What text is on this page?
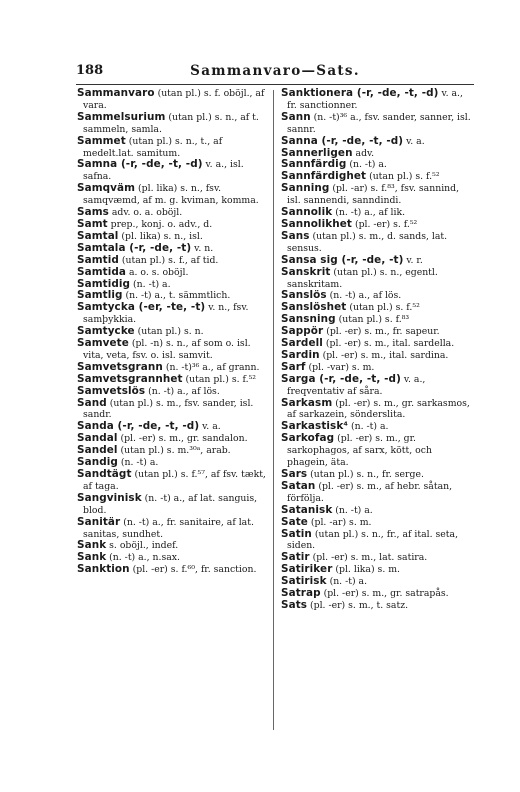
Sammanvaro—Sats.
188
Sammanvaro (utan pl.) s. f. oböjl., af vara.
Sammelsurium (utan pl.) s. n., af t. sammeln, samla.
Sammet (utan pl.) s. n., t., af medelt.lat. samitum.
Samna (-r, -de, -t, -d) v. a., isl. safna.
Samqväm (pl. lika) s. n., fsv. samqvæmd, af m. g. kviman, komma.
Sams adv. o. a. oböjl.
Samt prep., konj. o. adv., d.
Samtal (pl. lika) s. n., isl.
Samtala (-r, -de, -t) v. n.
Samtid (utan pl.) s. f., af tid.
Samtida a. o. s. oböjl.
Samtidig (n. -t) a.
Samtlig (n. -t) a., t. sämmtlich.
Samtycka (-er, -te, -t) v. n., fsv. samþykkia.
Samtycke (utan pl.) s. n.
Samvete (pl. -n) s. n., af som o. isl. vita, veta, fsv. o. isl. samvit.
Samvetsgrann (n. -t)³⁶ a., af grann.
Samvetsgrannhet (utan pl.) s. f.⁵²
Samvetslös (n. -t) a., af lös.
Sand (utan pl.) s. m., fsv. sander, isl. sandr.
Sanda (-r, -de, -t, -d) v. a.
Sandal (pl. -er) s. m., gr. sandalon.
Sandel (utan pl.) s. m.³⁰ᵃ, arab.
Sandig (n. -t) a.
Sandtägt (utan pl.) s. f.⁵⁷, af fsv. tækt, af taga.
Sangvinisk (n. -t) a., af lat. sanguis, blod.
Sanitär (n. -t) a., fr. sanitaire, af lat. sanitas, sundhet.
Sank s. oböjl., indef.
Sank (n. -t) a., n.sax.
Sanktion (pl. -er) s. f.⁶⁰, fr. sanction.
Sanktionera (-r, -de, -t, -d) v. a., fr. sanctionner.
Sann (n. -t)³⁶ a., fsv. sander, sanner, isl. sannr.
Sanna (-r, -de, -t, -d) v. a.
Sannerligen adv.
Sannfärdig (n. -t) a.
Sannfärdighet (utan pl.) s. f.⁵²
Sanning (pl. -ar) s. f.⁸³, fsv. sannind, isl. sannendi, sanndindi.
Sannolik (n. -t) a., af lik.
Sannolikhet (pl. -er) s. f.⁵²
Sans (utan pl.) s. m., d. sands, lat. sensus.
Sansa sig (-r, -de, -t) v. r.
Sanskrit (utan pl.) s. n., egentl. sanskritam.
Sanslös (n. -t) a., af lös.
Sanslöshet (utan pl.) s. f.⁵²
Sansning (utan pl.) s. f.⁸³
Sappör (pl. -er) s. m., fr. sapeur.
Sardell (pl. -er) s. m., ital. sardella.
Sardin (pl. -er) s. m., ital. sardina.
Sarf (pl. -var) s. m.
Sarga (-r, -de, -t, -d) v. a., freqventativ af såra.
Sarkasm (pl. -er) s. m., gr. sarkasmos, af sarkazein, sönderslita.
Sarkastisk⁴ (n. -t) a.
Sarkofag (pl. -er) s. m., gr. sarkophagos, af sarx, kött, och phagein, äta.
Sars (utan pl.) s. n., fr. serge.
Satan (pl. -er) s. m., af hebr. såtan, förfölja.
Satanisk (n. -t) a.
Sate (pl. -ar) s. m.
Satin (utan pl.) s. n., fr., af ital. seta, siden.
Satir (pl. -er) s. m., lat. satira.
Satiriker (pl. lika) s. m.
Satirisk (n. -t) a.
Satrap (pl. -er) s. m., gr. satrapås.
Sats (pl. -er) s. m., t. satz.
